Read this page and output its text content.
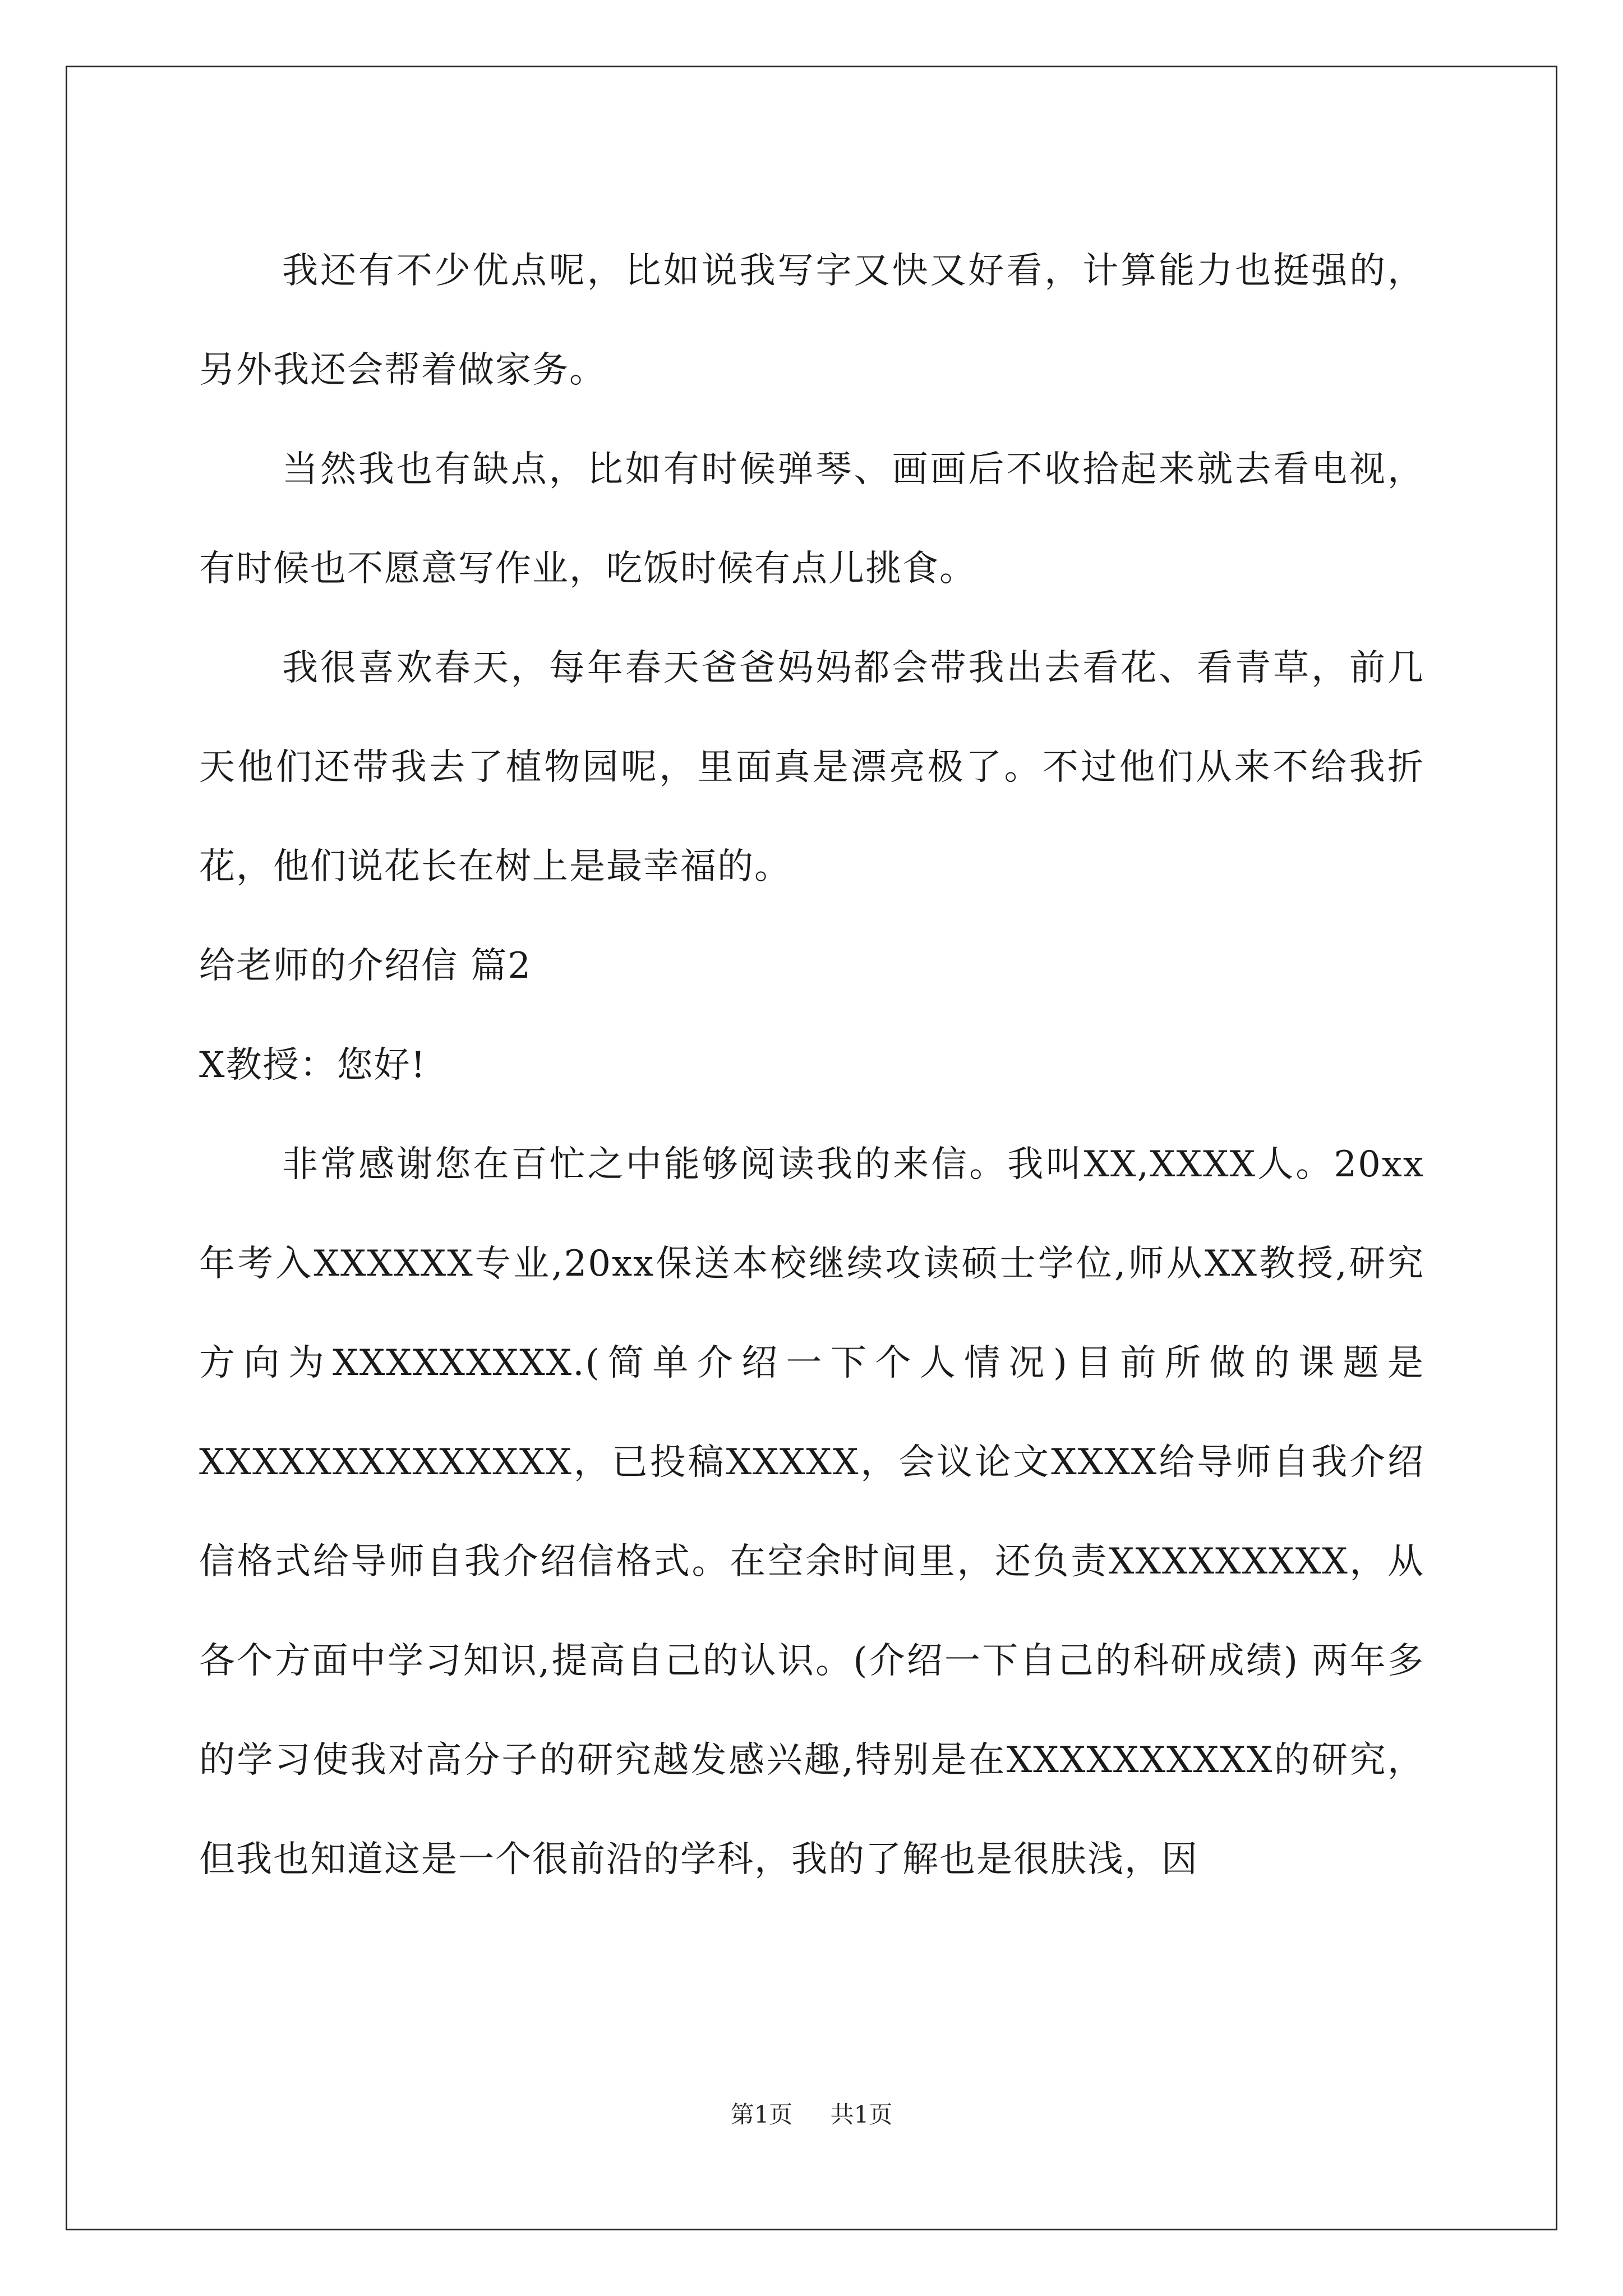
我还有不少优点呢，比如说我写字又快又好看，计算能力也挺强的，另外我还会帮着做家务。

当然我也有缺点，比如有时候弹琴、画画后不收拾起来就去看电视，有时候也不愿意写作业，吃饭时候有点儿挑食。

我很喜欢春天，每年春天爸爸妈妈都会带我出去看花、看青草，前几天他们还带我去了植物园呢，里面真是漂亮极了。不过他们从来不给我折花，他们说花长在树上是最幸福的。

给老师的介绍信 篇2

X教授：您好!

非常感谢您在百忙之中能够阅读我的来信。我叫XX,XXXX人。20xx年考入XXXXXX专业,20xx保送本校继续攻读硕士学位,师从XX教授,研究方向为XXXXXXXXX.(简单介绍一下个人情况)目前所做的课题是XXXXXXXXXXXXXX，已投稿XXXXX，会议论文XXXX给导师自我介绍信格式给导师自我介绍信格式。在空余时间里，还负责XXXXXXXXX，从各个方面中学习知识,提高自己的认识。(介绍一下自己的科研成绩) 两年多的学习使我对高分子的研究越发感兴趣,特别是在XXXXXXXXXX的研究，但我也知道这是一个很前沿的学科，我的了解也是很肤浅，因

第1页 共1页
